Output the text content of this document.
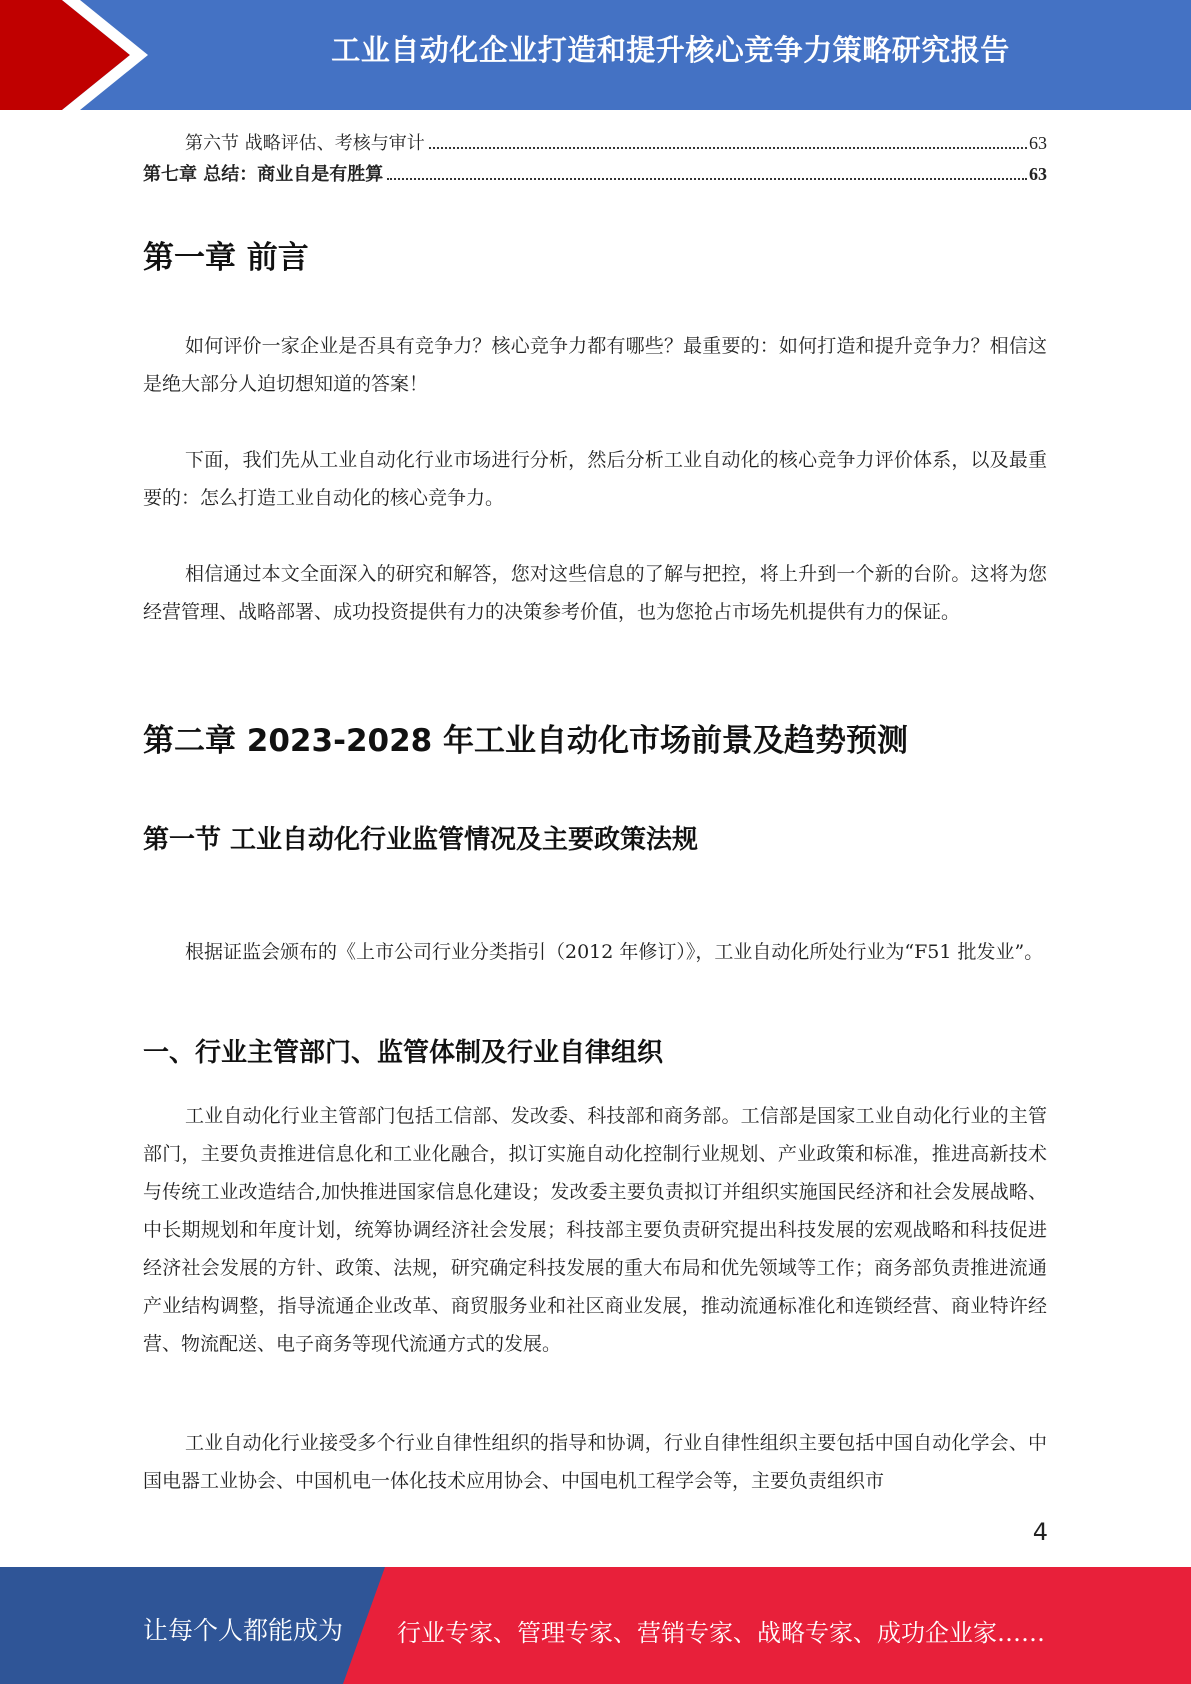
工业自动化企业打造和提升核心竞争力策略研究报告
第六节 战略评估、考核与审计	63
第七章 总结：商业自是有胜算	63
第一章 前言

如何评价一家企业是否具有竞争力？核心竞争力都有哪些？最重要的：如何打造和提升竞争力？相信这是绝大部分人迫切想知道的答案！

下面，我们先从工业自动化行业市场进行分析，然后分析工业自动化的核心竞争力评价体系，以及最重要的：怎么打造工业自动化的核心竞争力。

相信通过本文全面深入的研究和解答，您对这些信息的了解与把控，将上升到一个新的台阶。这将为您经营管理、战略部署、成功投资提供有力的决策参考价值，也为您抢占市场先机提供有力的保证。

第二章 2023-2028 年工业自动化市场前景及趋势预测
第一节 工业自动化行业监管情况及主要政策法规

根据证监会颁布的《上市公司行业分类指引（2012 年修订）》，工业自动化所处行业为“F51 批发业”。

一、行业主管部门、监管体制及行业自律组织

工业自动化行业主管部门包括工信部、发改委、科技部和商务部。工信部是国家工业自动化行业的主管部门，主要负责推进信息化和工业化融合，拟订实施自动化控制行业规划、产业政策和标准，推进高新技术与传统工业改造结合,加快推进国家信息化建设；发改委主要负责拟订并组织实施国民经济和社会发展战略、中长期规划和年度计划，统筹协调经济社会发展；科技部主要负责研究提出科技发展的宏观战略和科技促进经济社会发展的方针、政策、法规，研究确定科技发展的重大布局和优先领域等工作；商务部负责推进流通产业结构调整，指导流通企业改革、商贸服务业和社区商业发展，推动流通标准化和连锁经营、商业特许经营、物流配送、电子商务等现代流通方式的发展。

工业自动化行业接受多个行业自律性组织的指导和协调，行业自律性组织主要包括中国自动化学会、中国电器工业协会、中国机电一体化技术应用协会、中国电机工程学会等，主要负责组织市

4
让每个人都能成为 行业专家、管理专家、营销专家、战略专家、成功企业家……
